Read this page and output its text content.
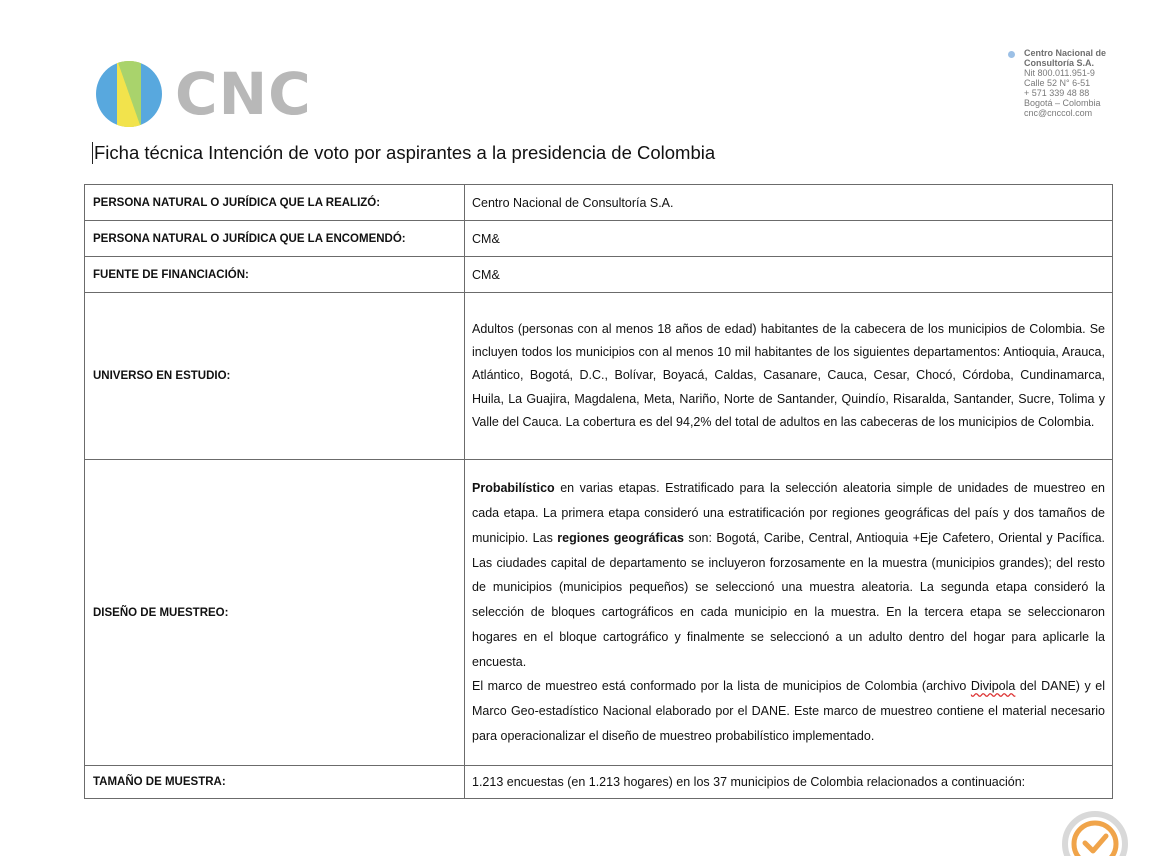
CNC
Centro Nacional de
Consultoría S.A.
Nit 800.011.951-9
Calle 52 N° 6-51
+ 571 339 48 88
Bogotá – Colombia
cnc@cnccol.com
Ficha técnica Intención de voto por aspirantes a la presidencia de Colombia
PERSONA NATURAL O JURÍDICA QUE LA REALIZÓ:	Centro Nacional de Consultoría S.A.
PERSONA NATURAL O JURÍDICA QUE LA ENCOMENDÓ:	CM&
FUENTE DE FINANCIACIÓN:	CM&
UNIVERSO EN ESTUDIO:	Adultos (personas con al menos 18 años de edad) habitantes de la cabecera de los municipios de Colombia. Se incluyen todos los municipios con al menos 10 mil habitantes de los siguientes departamentos: Antioquia, Arauca, Atlántico, Bogotá, D.C., Bolívar, Boyacá, Caldas, Casanare, Cauca, Cesar, Chocó, Córdoba, Cundinamarca, Huila, La Guajira, Magdalena, Meta, Nariño, Norte de Santander, Quindío, Risaralda, Santander, Sucre, Tolima y Valle del Cauca. La cobertura es del 94,2% del total de adultos en las cabeceras de los municipios de Colombia.

DISEÑO DE MUESTREO:	Probabilístico en varias etapas. Estratificado para la selección aleatoria simple de unidades de muestreo en cada etapa. La primera etapa consideró una estratificación por regiones geográficas del país y dos tamaños de municipio. Las regiones geográficas son: Bogotá, Caribe, Central, Antioquia +Eje Cafetero, Oriental y Pacífica. Las ciudades capital de departamento se incluyeron forzosamente en la muestra (municipios grandes); del resto de municipios (municipios pequeños) se seleccionó una muestra aleatoria. La segunda etapa consideró la selección de bloques cartográficos en cada municipio en la muestra. En la tercera etapa se seleccionaron hogares en el bloque cartográfico y finalmente se seleccionó a un adulto dentro del hogar para aplicarle la encuesta.

El marco de muestreo está conformado por la lista de municipios de Colombia (archivo Divipola del DANE) y el Marco Geo-estadístico Nacional elaborado por el DANE. Este marco de muestreo contiene el material necesario para operacionalizar el diseño de muestreo probabilístico implementado.

TAMAÑO DE MUESTRA:	1.213 encuestas (en 1.213 hogares) en los 37 municipios de Colombia relacionados a continuación:
